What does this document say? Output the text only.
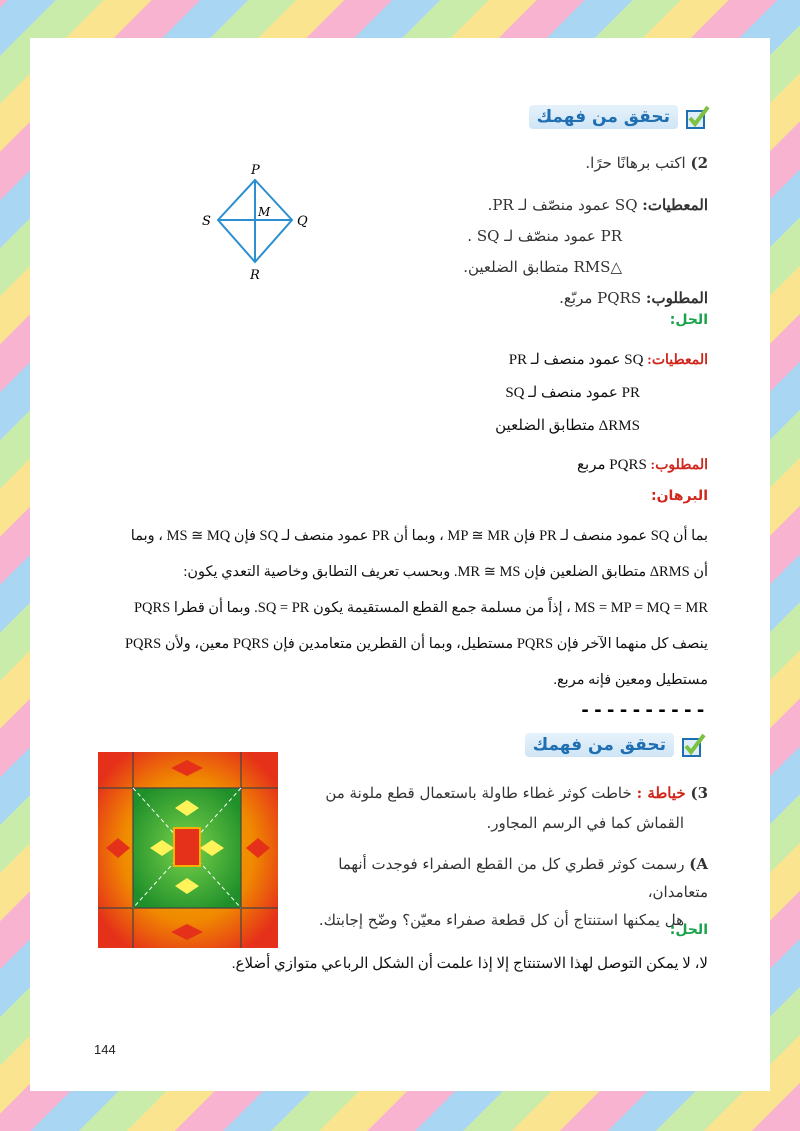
تحقق من فهمك
2) اكتب برهانًا حرًا.
المعطيات: SQ عمود منصّف لـ PR.
PR عمود منصّف لـ SQ .
△RMS متطابق الضلعين.
المطلوب: PQRS مربّع.
P
Q
R
S
M
الحل:
المعطيات: SQ عمود منصف لـ PR
PR عمود منصف لـ SQ
ΔRMS متطابق الضلعين
المطلوب: PQRS مربع
البرهان:
بما أن SQ عمود منصف لـ PR فإن MP ≅ MR ، وبما أن PR عمود منصف لـ SQ فإن MS ≅ MQ ، وبما
أن ΔRMS متطابق الضلعين فإن MR ≅ MS. وبحسب تعريف التطابق وخاصية التعدي يكون:
MS = MP = MQ = MR ، إذاً من مسلمة جمع القطع المستقيمة يكون SQ = PR. وبما أن قطرا PQRS
ينصف كل منهما الآخر فإن PQRS مستطيل، وبما أن القطرين متعامدين فإن PQRS معين، ولأن PQRS
مستطيل ومعين فإنه مربع.
----------
تحقق من فهمك
3) خياطة : خاطت كوثر غطاء طاولة باستعمال قطع ملونة من
القماش كما في الرسم المجاور.
A) رسمت كوثر قطري كل من القطع الصفراء فوجدت أنهما متعامدان،
هل يمكنها استنتاج أن كل قطعة صفراء معيّن؟ وضّح إجابتك.
الحل:
لا، لا يمكن التوصل لهذا الاستنتاج إلا إذا علمت أن الشكل الرباعي متوازي أضلاع.
144
